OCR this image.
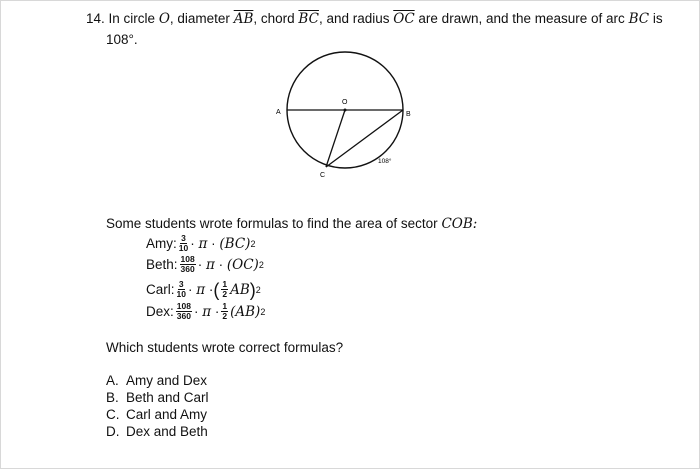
14. In circle O, diameter $\overline{AB}$, chord $\overline{BC}$, and radius $\overline{OC}$ are drawn, and the measure of arc BC is
108°.
A	B
O
C
108°
Some students wrote formulas to find the area of sector COB:
Amy: $\frac{3}{10}$ ·
π
·
(BC) 2
Beth: $\frac{108}{360}$ ·
π
·
(OC) 2
Carl: $\frac{3}{10}$ ·
π
· ( $\frac{1}{2}$ AB ) 2
Dex: $\frac{108}{360}$ ·
π
· $\frac{1}{2} (AB)$ 2
Which students wrote correct formulas?
A. Amy and Dex
B. Beth and Carl
C. Carl and Amy
D. Dex and Beth
